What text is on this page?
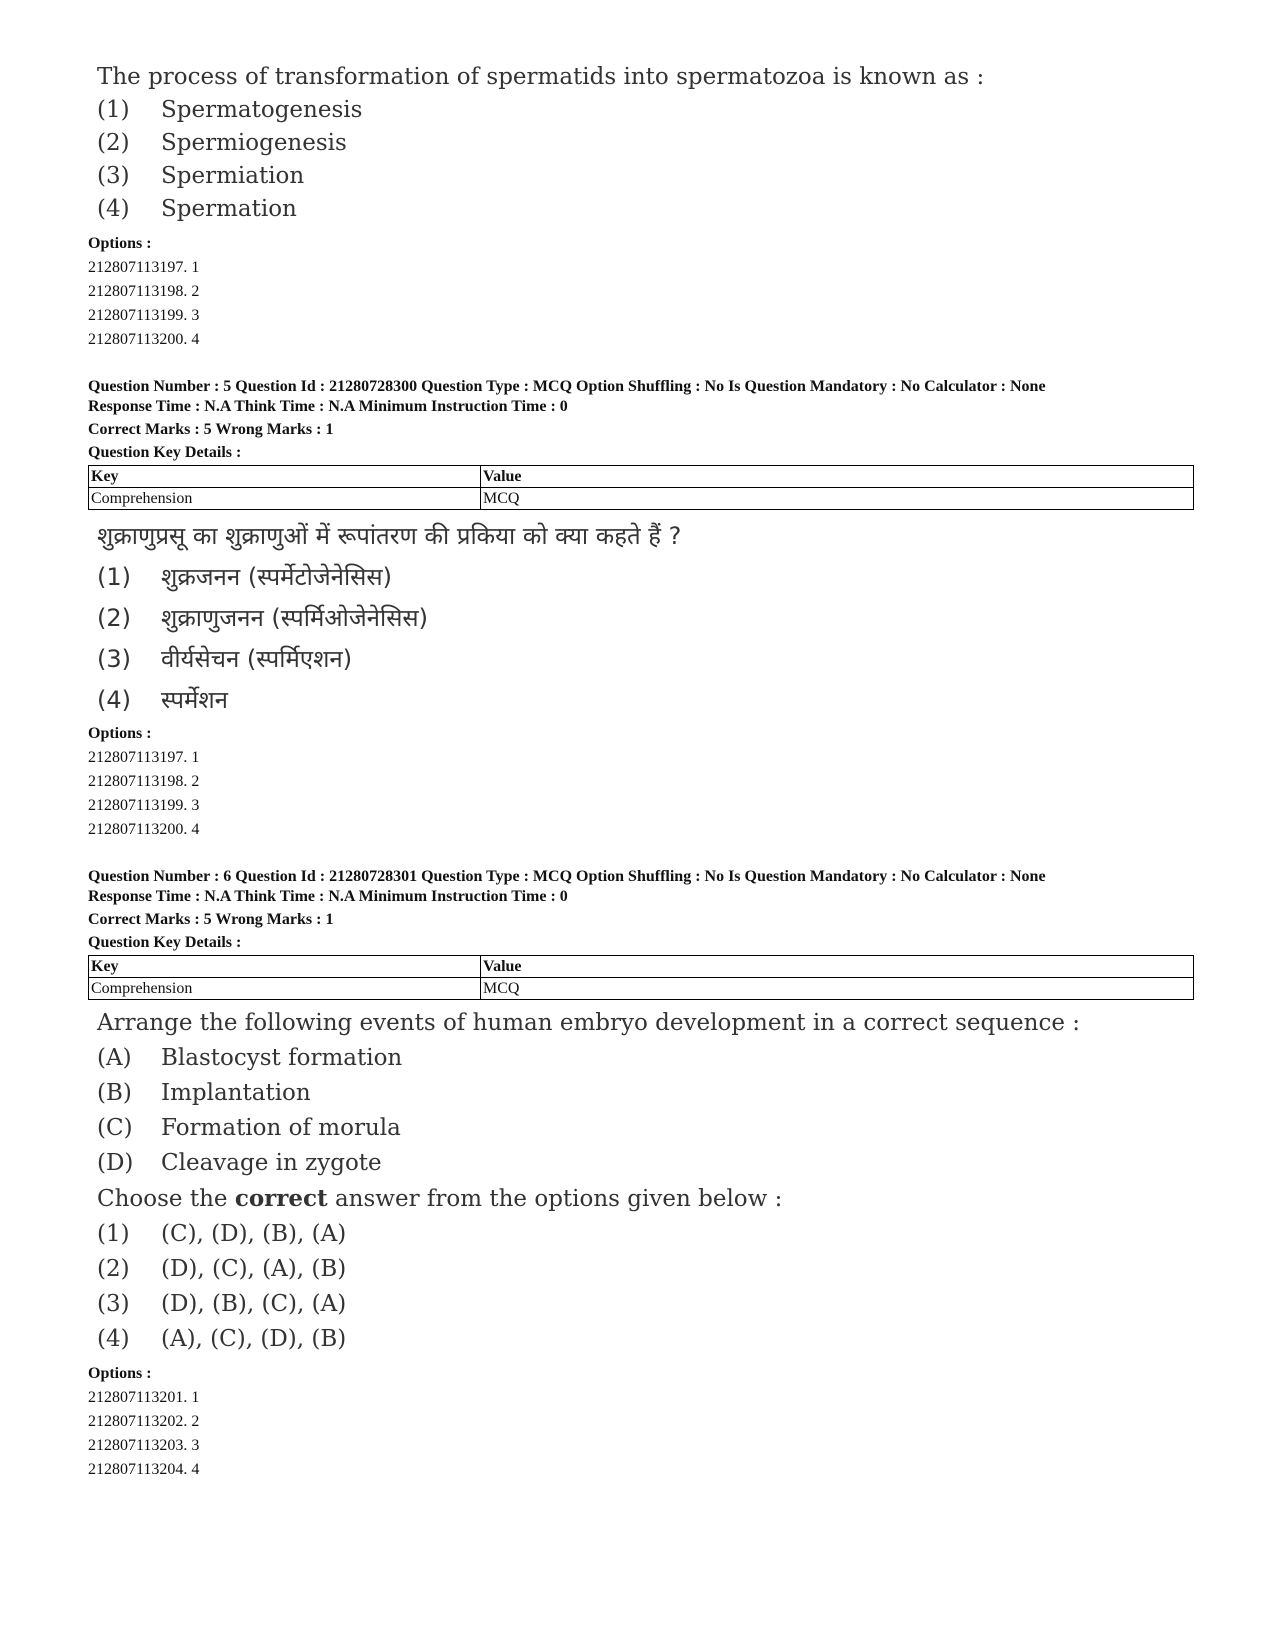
The process of transformation of spermatids into spermatozoa is known as :

(1)	Spermatogenesis
(2)	Spermiogenesis
(3)	Spermiation
(4)	Spermation
Options :
212807113197. 1
212807113198. 2
212807113199. 3
212807113200. 4
Question Number : 5 Question Id : 21280728300 Question Type : MCQ Option Shuffling : No Is Question Mandatory : No Calculator : None
Response Time : N.A Think Time : N.A Minimum Instruction Time : 0
Correct Marks : 5 Wrong Marks : 1
Question Key Details :
Key	Value
Comprehension	MCQ
शुक्राणुप्रसू का शुक्राणुओं में रूपांतरण की प्रकिया को क्या कहते हैं ?
(1)	शुक्रजनन (स्पर्मेटोजेनेसिस)
(2)	शुक्राणुजनन (स्पर्मिओजेनेसिस)
(3)	वीर्यसेचन (स्पर्मिएशन)
(4)	स्पर्मेशन
Options :
212807113197. 1
212807113198. 2
212807113199. 3
212807113200. 4
Question Number : 6 Question Id : 21280728301 Question Type : MCQ Option Shuffling : No Is Question Mandatory : No Calculator : None
Response Time : N.A Think Time : N.A Minimum Instruction Time : 0
Correct Marks : 5 Wrong Marks : 1
Question Key Details :
Key	Value
Comprehension	MCQ

Arrange the following events of human embryo development in a correct sequence :

(A)	Blastocyst formation
(B)	Implantation
(C)	Formation of morula
(D)	Cleavage in zygote

Choose the correct answer from the options given below :

(1)	(C), (D), (B), (A)
(2)	(D), (C), (A), (B)
(3)	(D), (B), (C), (A)
(4)	(A), (C), (D), (B)
Options :
212807113201. 1
212807113202. 2
212807113203. 3
212807113204. 4
